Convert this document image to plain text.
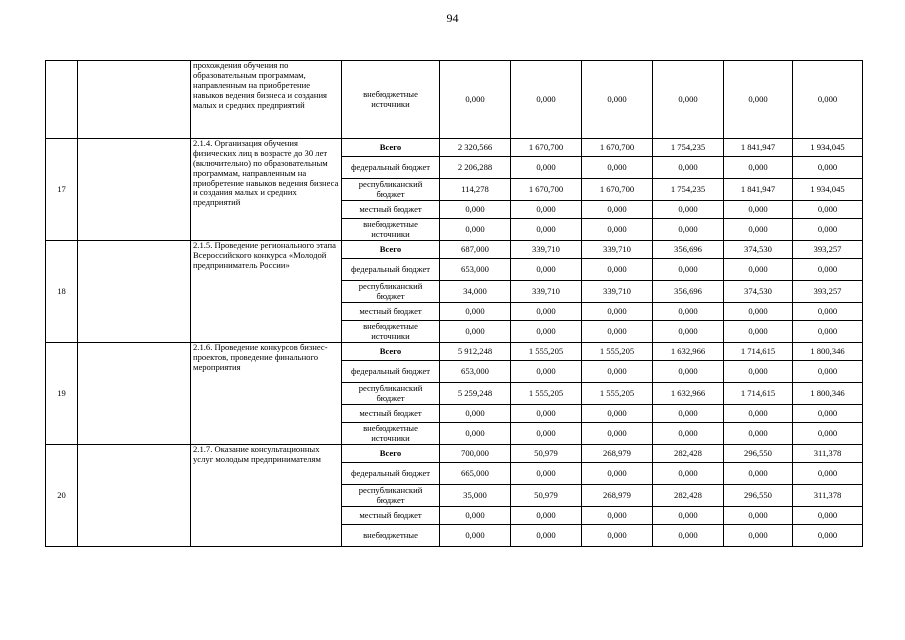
94
		прохождения обучения по образовательным программам, направленным на приобретение навыков ведения бизнеса и создания малых и средних предприятий	внебюджетные источники	0,000	0,000	0,000	0,000	0,000	0,000
17		2.1.4. Организация обучения физических лиц в возрасте до 30 лет (включительно) по образовательным программам, направленным на приобретение навыков ведения бизнеса и создания малых и средних предприятий	Всего	2 320,566	1 670,700	1 670,700	1 754,235	1 841,947	1 934,045
			федеральный бюджет	2 206,288	0,000	0,000	0,000	0,000	0,000
			республиканский бюджет	114,278	1 670,700	1 670,700	1 754,235	1 841,947	1 934,045
			местный бюджет	0,000	0,000	0,000	0,000	0,000	0,000
			внебюджетные источники	0,000	0,000	0,000	0,000	0,000	0,000
18		2.1.5. Проведение регионального этапа Всероссийского конкурса «Молодой предприниматель России»	Всего	687,000	339,710	339,710	356,696	374,530	393,257
			федеральный бюджет	653,000	0,000	0,000	0,000	0,000	0,000
			республиканский бюджет	34,000	339,710	339,710	356,696	374,530	393,257
			местный бюджет	0,000	0,000	0,000	0,000	0,000	0,000
			внебюджетные источники	0,000	0,000	0,000	0,000	0,000	0,000
19		2.1.6. Проведение конкурсов бизнес-проектов, проведение финального мероприятия	Всего	5 912,248	1 555,205	1 555,205	1 632,966	1 714,615	1 800,346
			федеральный бюджет	653,000	0,000	0,000	0,000	0,000	0,000
			республиканский бюджет	5 259,248	1 555,205	1 555,205	1 632,966	1 714,615	1 800,346
			местный бюджет	0,000	0,000	0,000	0,000	0,000	0,000
			внебюджетные источники	0,000	0,000	0,000	0,000	0,000	0,000
20		2.1.7. Оказание консультационных услуг молодым предпринимателям	Всего	700,000	50,979	268,979	282,428	296,550	311,378
			федеральный бюджет	665,000	0,000	0,000	0,000	0,000	0,000
			республиканский бюджет	35,000	50,979	268,979	282,428	296,550	311,378
			местный бюджет	0,000	0,000	0,000	0,000	0,000	0,000
			внебюджетные	0,000	0,000	0,000	0,000	0,000	0,000
